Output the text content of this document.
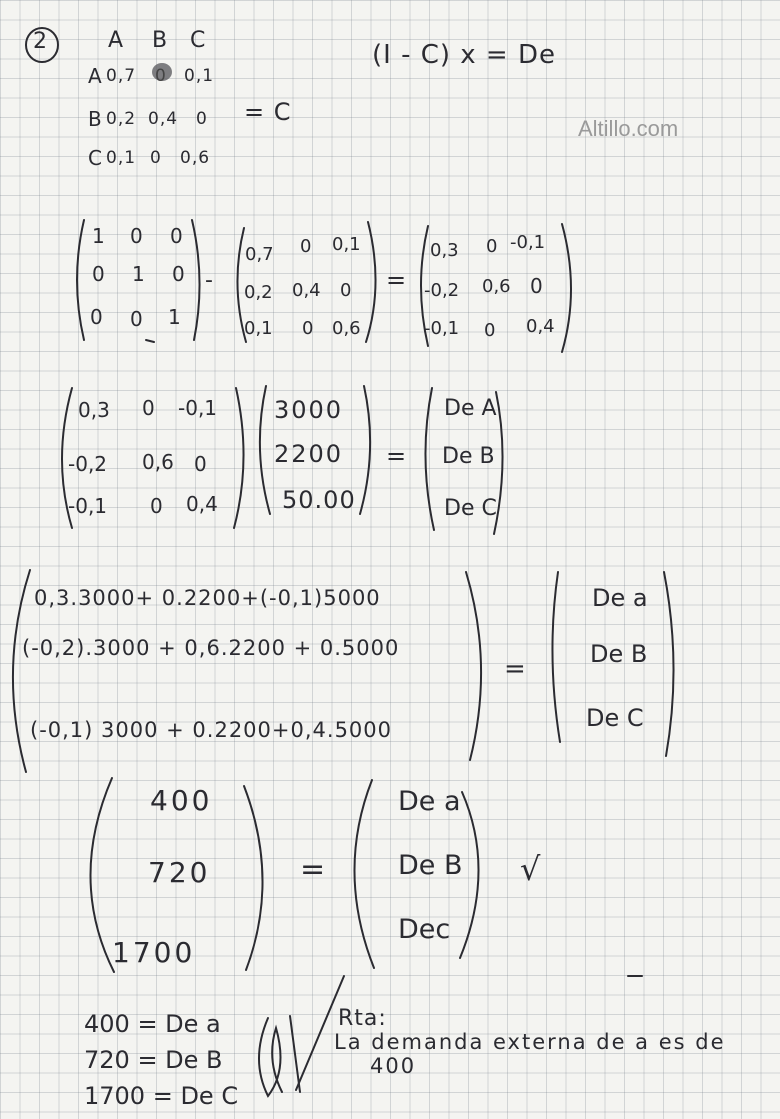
2	A B C
A 0,7 0 0,1
B 0,2 0,4 0
C 0,1 0 0,6
= C
(I - C) x = De
Altillo.com
1 0 0
0 1 0
0 0 1
-
0,7 0 0,1
0,2 0,4 0
0,1 0 0,6
=
0,3 0 -0,1
-0,2 0,6 0
-0,1 0 0,4
0,3 0 -0,1
-0,2 0,6 0
-0,1 0 0,4
3000
2200
50.00
=
De A
De B
De C
0,3.3000+ 0.2200+(-0,1)5000
(-0,2).3000 + 0,6.2200 + 0.5000
(-0,1) 3000 + 0.2200+0,4.5000
=
De a
De B
De C
400
720
1700
=
De a
De B
Dec
√
400 = De a
720 = De B
1700 = De C
Rta:
La demanda externa de a es de
400
